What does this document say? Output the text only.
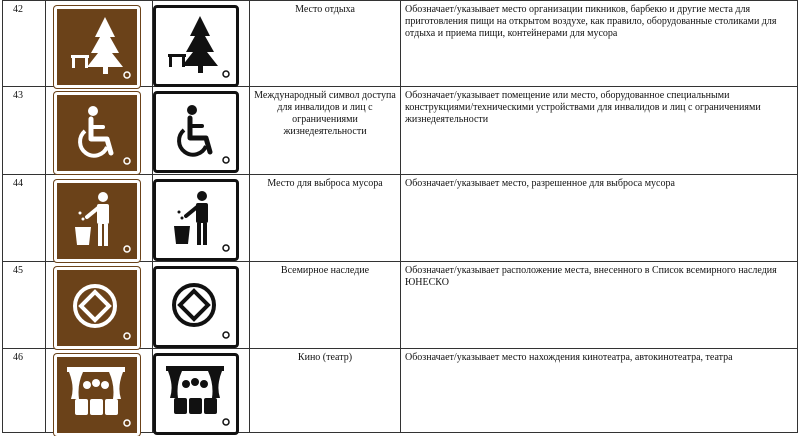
42			Место отдыха	Обозначает/указывает место организации пикников, барбекю и другие места для приготовления пищи на открытом воздухе, как правило, оборудованные столиками для отдыха и приема пищи, контейнерами для мусора
43			Международный символ доступа для инвалидов и лиц с ограничениями жизнедеятельности	Обозначает/указывает помещение или место, оборудованное специальными конструкциями/техническими устройствами для инвалидов и лиц с ограничениями жизнедеятельности
44			Место для выброса мусора	Обозначает/указывает место, разрешенное для выброса мусора
45			Всемирное наследие	Обозначает/указывает расположение места, внесенного в Список всемирного наследия ЮНЕСКО
46			Кино (театр)	Обозначает/указывает место нахождения кинотеатра, автокинотеатра, театра
